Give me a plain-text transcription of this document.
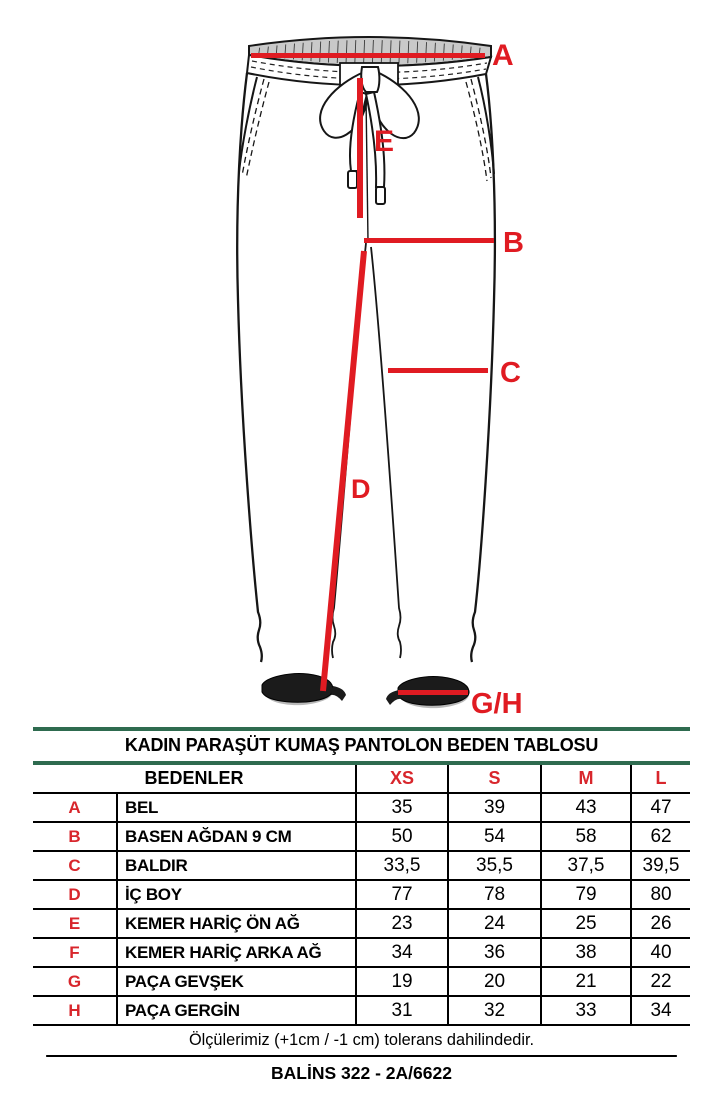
A
E
B
C
D
G/H
KADIN PARAŞÜT KUMAŞ PANTOLON BEDEN TABLOSU
BEDENLER		XS	S	M	L
A	BEL	35	39	43	47
B	BASEN AĞDAN 9 CM	50	54	58	62
C	BALDIR	33,5	35,5	37,5	39,5
D	İÇ BOY	77	78	79	80
E	KEMER HARİÇ ÖN AĞ	23	24	25	26
F	KEMER HARİÇ ARKA AĞ	34	36	38	40
G	PAÇA GEVŞEK	19	20	21	22
H	PAÇA GERGİN	31	32	33	34
Ölçülerimiz (+1cm / -1 cm) tolerans dahilindedir.
BALİNS 322 - 2A/6622
